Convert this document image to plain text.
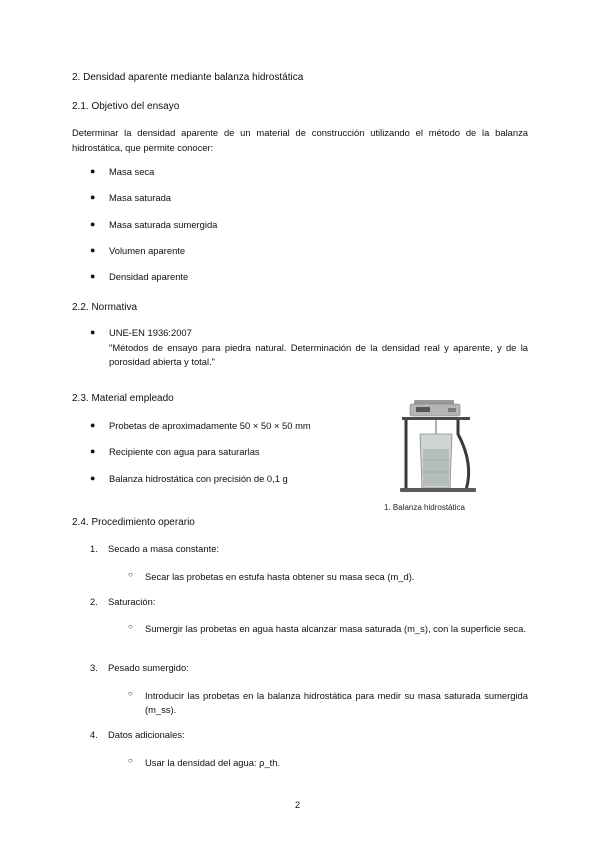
2. Densidad aparente mediante balanza hidrostática
2.1. Objetivo del ensayo
Determinar la densidad aparente de un material de construcción utilizando el método de la balanza hidrostática, que permite conocer:
● Masa seca
● Masa saturada
● Masa saturada sumergida
● Volumen aparente
● Densidad aparente
2.2. Normativa
● UNE-EN 1936:2007
"Métodos de ensayo para piedra natural. Determinación de la densidad real y aparente, y de la porosidad abierta y total."
2.3. Material empleado
● Probetas de aproximadamente 50 × 50 × 50 mm
● Recipiente con agua para saturarlas
● Balanza hidrostática con precisión de 0,1 g
1. Balanza hidrostática
2.4. Procedimiento operario
1. Secado a masa constante:
○ Secar las probetas en estufa hasta obtener su masa seca (m_d).
2. Saturación:
○ Sumergir las probetas en agua hasta alcanzar masa saturada (m_s), con la superficie seca.
3. Pesado sumergido:
○ Introducir las probetas en la balanza hidrostática para medir su masa saturada sumergida (m_ss).
4. Datos adicionales:
○ Usar la densidad del agua: ρ_th.
2
